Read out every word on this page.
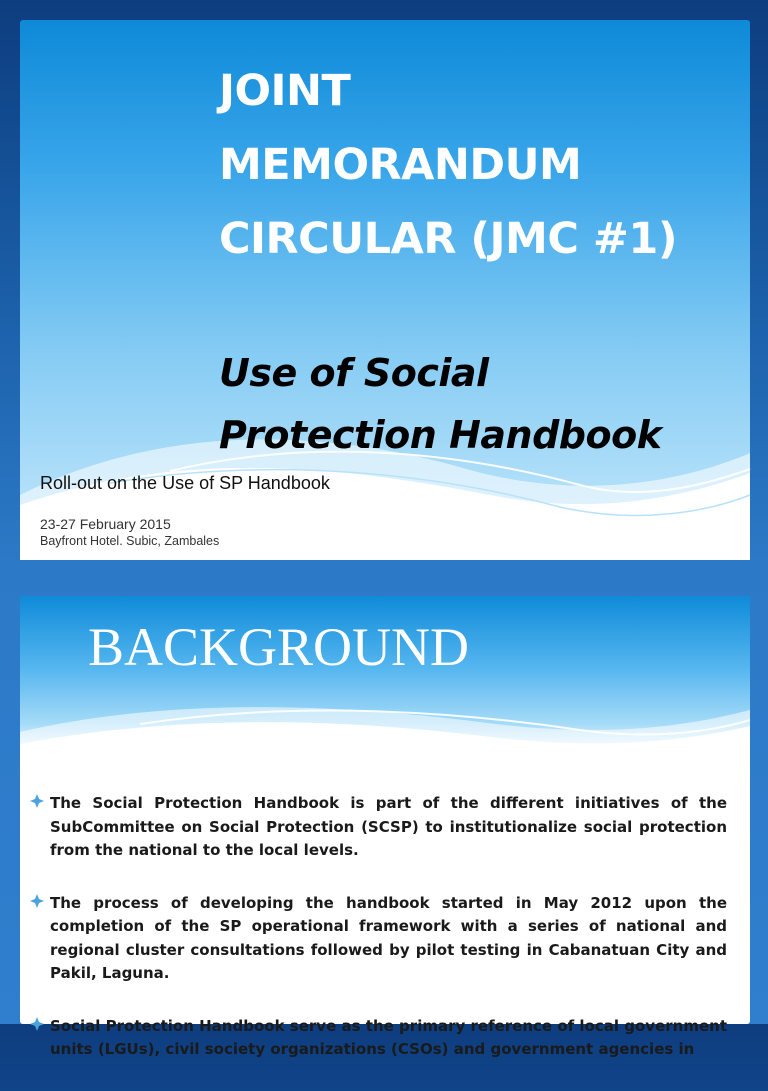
JOINT
MEMORANDUM
CIRCULAR (JMC #1)
Use of Social
Protection Handbook
Roll-out on the Use of SP Handbook
23-27 February 2015
Bayfront Hotel. Subic, Zambales
BACKGROUND
The Social Protection Handbook is part of the different initiatives of the SubCommittee on Social Protection (SCSP) to institutionalize social protection from the national to the local levels.
The process of developing the handbook started in May 2012 upon the completion of the SP operational framework with a series of national and regional cluster consultations followed by pilot testing in Cabanatuan City and Pakil, Laguna.
Social Protection Handbook serve as the primary reference of local government units (LGUs), civil society organizations (CSOs) and government agencies in
